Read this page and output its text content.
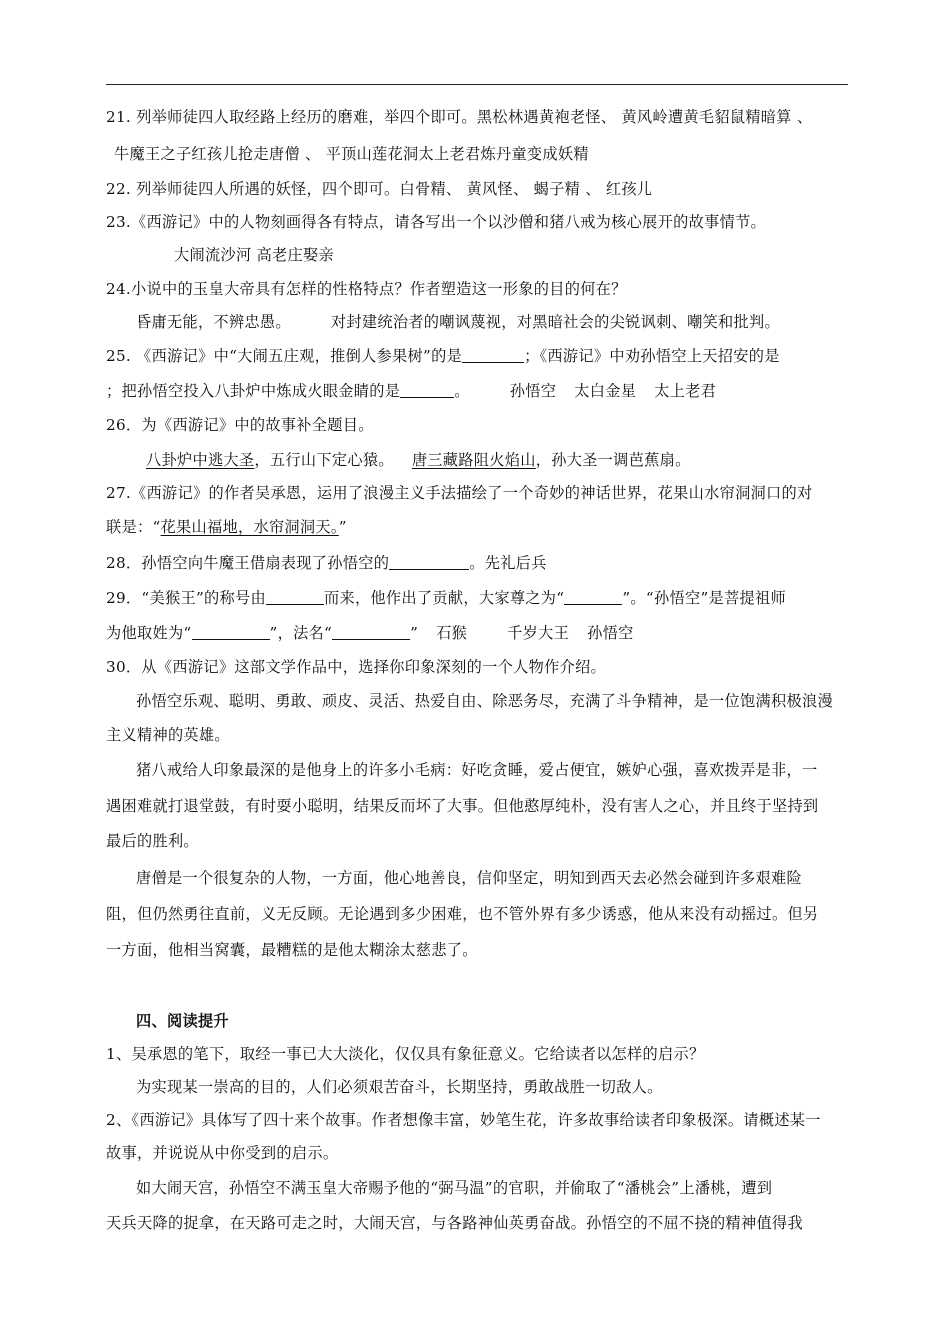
21. 列举师徒四人取经路上经历的磨难，举四个即可。黑松林遇黄袍老怪、 黄风岭遭黄毛貂鼠精暗算 、
牛魔王之子红孩儿抢走唐僧 、 平顶山莲花洞太上老君炼丹童变成妖精
22. 列举师徒四人所遇的妖怪，四个即可。白骨精、 黄风怪、 蝎子精 、 红孩儿
23.《西游记》中的人物刻画得各有特点，请各写出一个以沙僧和猪八戒为核心展开的故事情节。
大闹流沙河 高老庄娶亲
24.小说中的玉皇大帝具有怎样的性格特点？作者塑造这一形象的目的何在？
昏庸无能，不辨忠愚。	对封建统治者的嘲讽蔑视，对黑暗社会的尖锐讽刺、嘲笑和批判。
25. 《西游记》中“大闹五庄观，推倒人参果树”的是	；《西游记》中劝孙悟空上天招安的是
；把孙悟空投入八卦炉中炼成火眼金睛的是	。	孙悟空 太白金星 太上老君
26．为《西游记》中的故事补全题目。
八卦炉中逃大圣，五行山下定心猿。 唐三藏路阻火焰山，孙大圣一调芭蕉扇。
27.《西游记》的作者吴承恩，运用了浪漫主义手法描绘了一个奇妙的神话世界，花果山水帘洞洞口的对
联是：“花果山福地，水帘洞洞天。”
28．孙悟空向牛魔王借扇表现了孙悟空的	。先礼后兵
29．“美猴王”的称号由	而来，他作出了贡献，大家尊之为“	”。“孙悟空”是菩提祖师
为他取姓为“	”，法名“	” 石猴	千岁大王 孙悟空
30．从《西游记》这部文学作品中，选择你印象深刻的一个人物作介绍。
孙悟空乐观、聪明、勇敢、顽皮、灵活、热爱自由、除恶务尽，充满了斗争精神，是一位饱满积极浪漫
主义精神的英雄。
猪八戒给人印象最深的是他身上的许多小毛病：好吃贪睡，爱占便宜，嫉妒心强，喜欢拨弄是非，一
遇困难就打退堂鼓，有时耍小聪明，结果反而坏了大事。但他憨厚纯朴，没有害人之心，并且终于坚持到
最后的胜利。
唐僧是一个很复杂的人物，一方面，他心地善良，信仰坚定，明知到西天去必然会碰到许多艰难险
阻，但仍然勇往直前，义无反顾。无论遇到多少困难，也不管外界有多少诱惑，他从来没有动摇过。但另
一方面，他相当窝囊，最糟糕的是他太糊涂太慈悲了。
四、阅读提升
1、吴承恩的笔下，取经一事已大大淡化，仅仅具有象征意义。它给读者以怎样的启示？
为实现某一崇高的目的，人们必须艰苦奋斗，长期坚持，勇敢战胜一切敌人。
2、《西游记》具体写了四十来个故事。作者想像丰富，妙笔生花，许多故事给读者印象极深。请概述某一
故事，并说说从中你受到的启示。
如大闹天宫，孙悟空不满玉皇大帝赐予他的“弼马温”的官职，并偷取了“潘桃会”上潘桃，遭到
天兵天降的捉拿，在天路可走之时，大闹天宫，与各路神仙英勇奋战。孙悟空的不屈不挠的精神值得我
